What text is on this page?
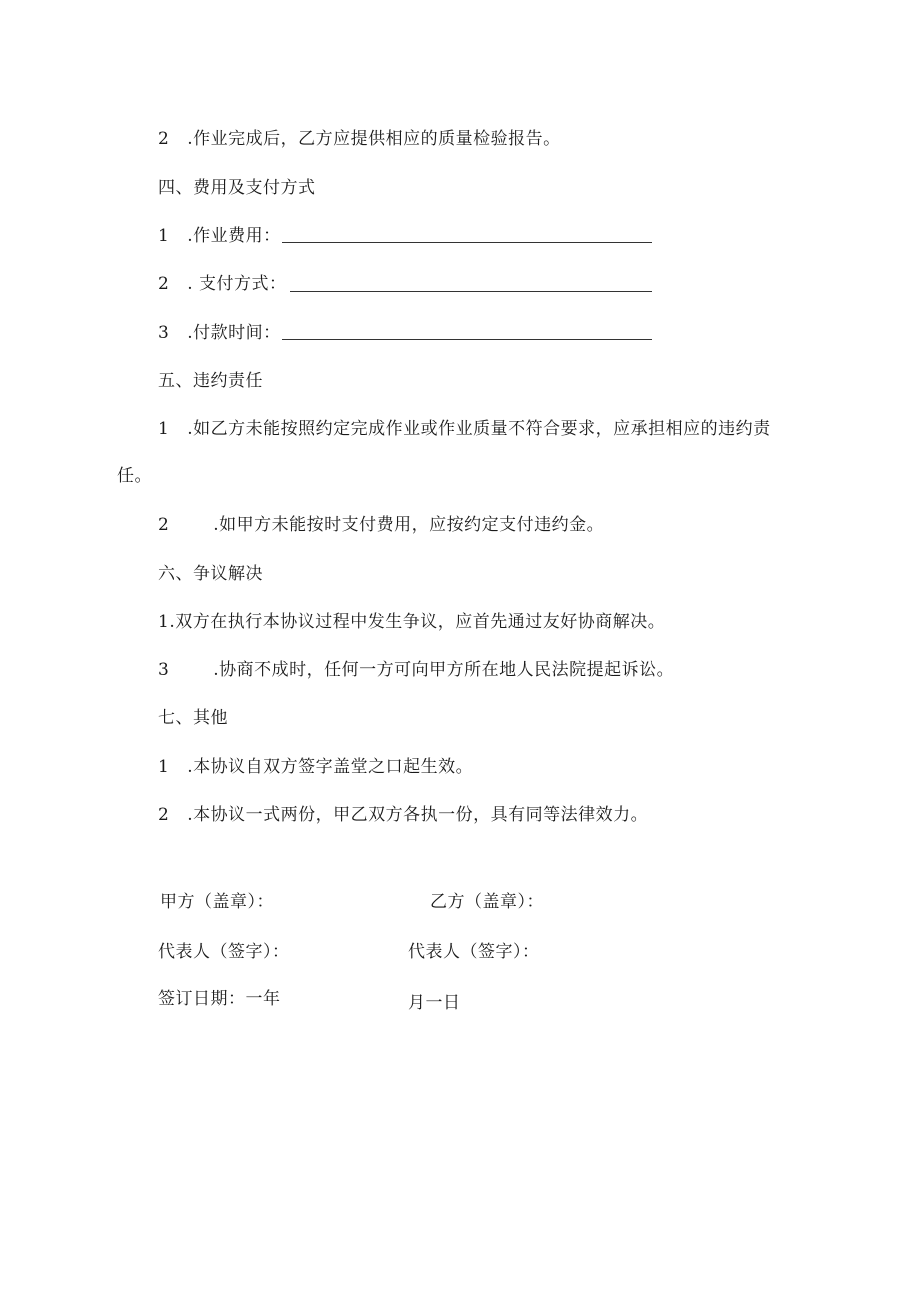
2 .作业完成后，乙方应提供相应的质量检验报告。
四、费用及支付方式
1 .作业费用：
2 . 支付方式：
3 .付款时间：
五、违约责任
1 .如乙方未能按照约定完成作业或作业质量不符合要求，应承担相应的违约责
任。
2	.如甲方未能按时支付费用，应按约定支付违约金。
六、争议解决
1.双方在执行本协议过程中发生争议，应首先通过友好协商解决。
3	.协商不成时，任何一方可向甲方所在地人民法院提起诉讼。
七、其他
1 .本协议自双方签字盖堂之口起生效。
2 .本协议一式两份，甲乙双方各执一份，具有同等法律效力。
甲方（盖章）：	乙方（盖章）：
代表人（签字）：	代表人（签字）：
签订日期：一年	月一日
